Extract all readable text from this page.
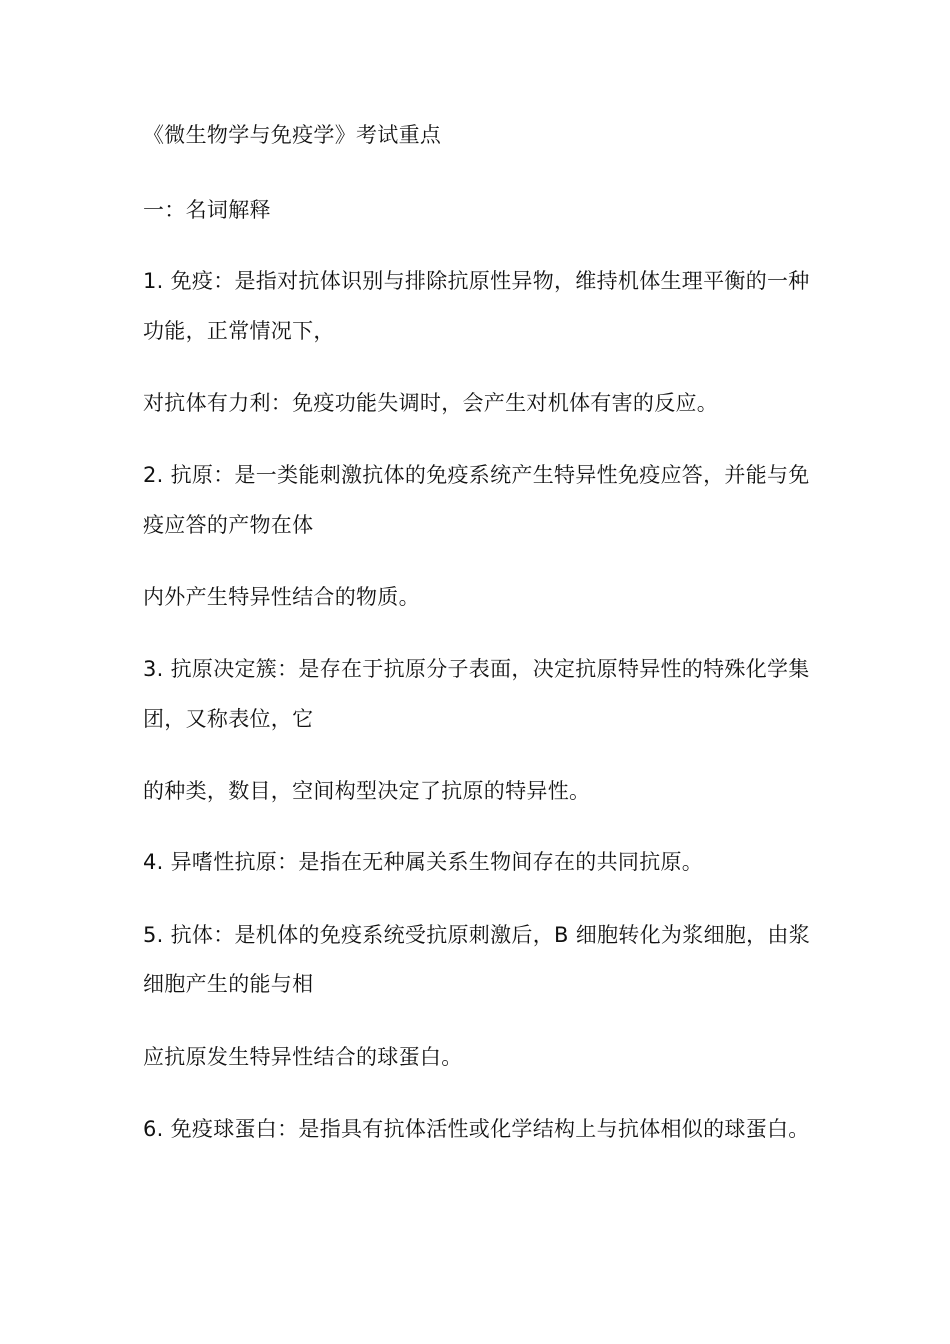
《微生物学与免疫学》考试重点
一：名词解释
1. 免疫：是指对抗体识别与排除抗原性异物，维持机体生理平衡的一种
功能，正常情况下，
对抗体有力利：免疫功能失调时，会产生对机体有害的反应。
2. 抗原：是一类能刺激抗体的免疫系统产生特异性免疫应答，并能与免
疫应答的产物在体
内外产生特异性结合的物质。
3. 抗原决定簇：是存在于抗原分子表面，决定抗原特异性的特殊化学集
团，又称表位，它
的种类，数目，空间构型决定了抗原的特异性。
4. 异嗜性抗原：是指在无种属关系生物间存在的共同抗原。
5. 抗体：是机体的免疫系统受抗原刺激后，B 细胞转化为浆细胞，由浆
细胞产生的能与相
应抗原发生特异性结合的球蛋白。
6. 免疫球蛋白：是指具有抗体活性或化学结构上与抗体相似的球蛋白。
